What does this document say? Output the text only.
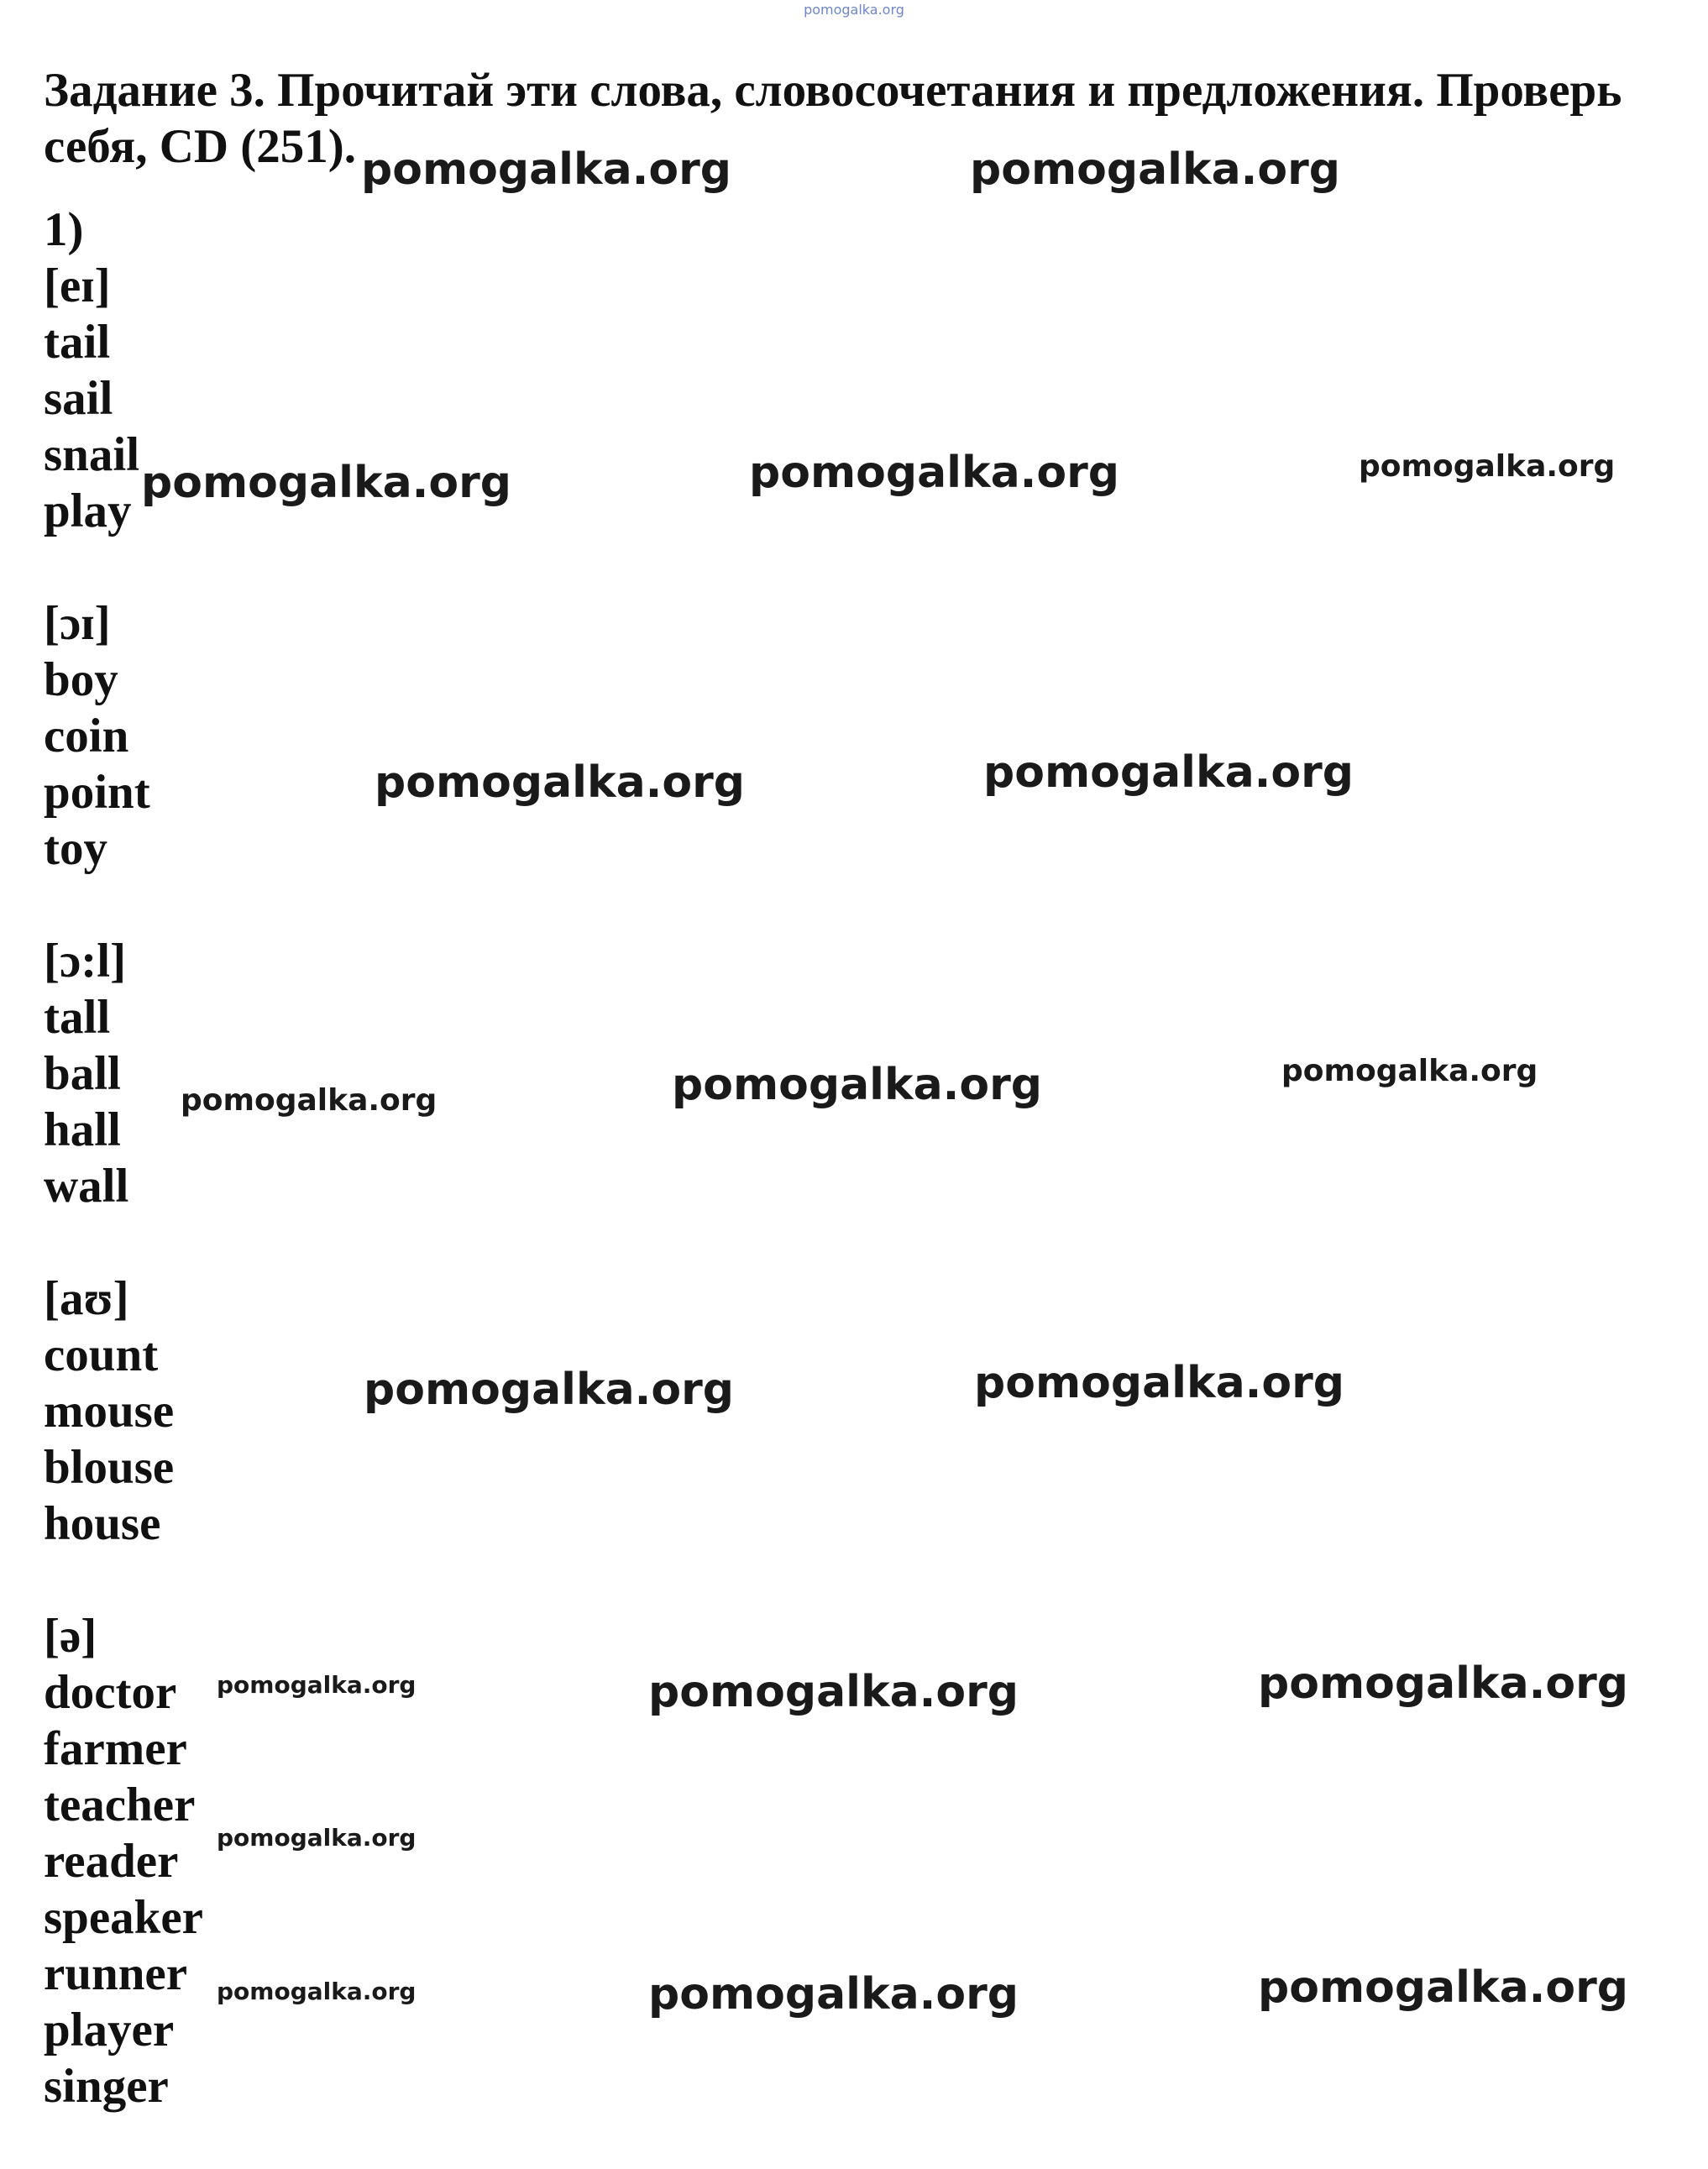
pomogalka.org
Задание 3. Прочитай эти слова, словосочетания и предложения. Проверь себя, CD (251).
1)
[eɪ]
tail
sail
snail
play
[ɔɪ]
boy
coin
point
toy
[ɔ:l]
tall
ball
hall
wall
[aʊ]
count
mouse
blouse
house
[ə]
doctor
farmer
teacher
reader
speaker
runner
player
singer
pomogalka.org	pomogalka.org
pomogalka.org	pomogalka.org	pomogalka.org
pomogalka.org	pomogalka.org
pomogalka.org	pomogalka.org	pomogalka.org
pomogalka.org	pomogalka.org
pomogalka.org	pomogalka.org	pomogalka.org
pomogalka.org
pomogalka.org	pomogalka.org	pomogalka.org
